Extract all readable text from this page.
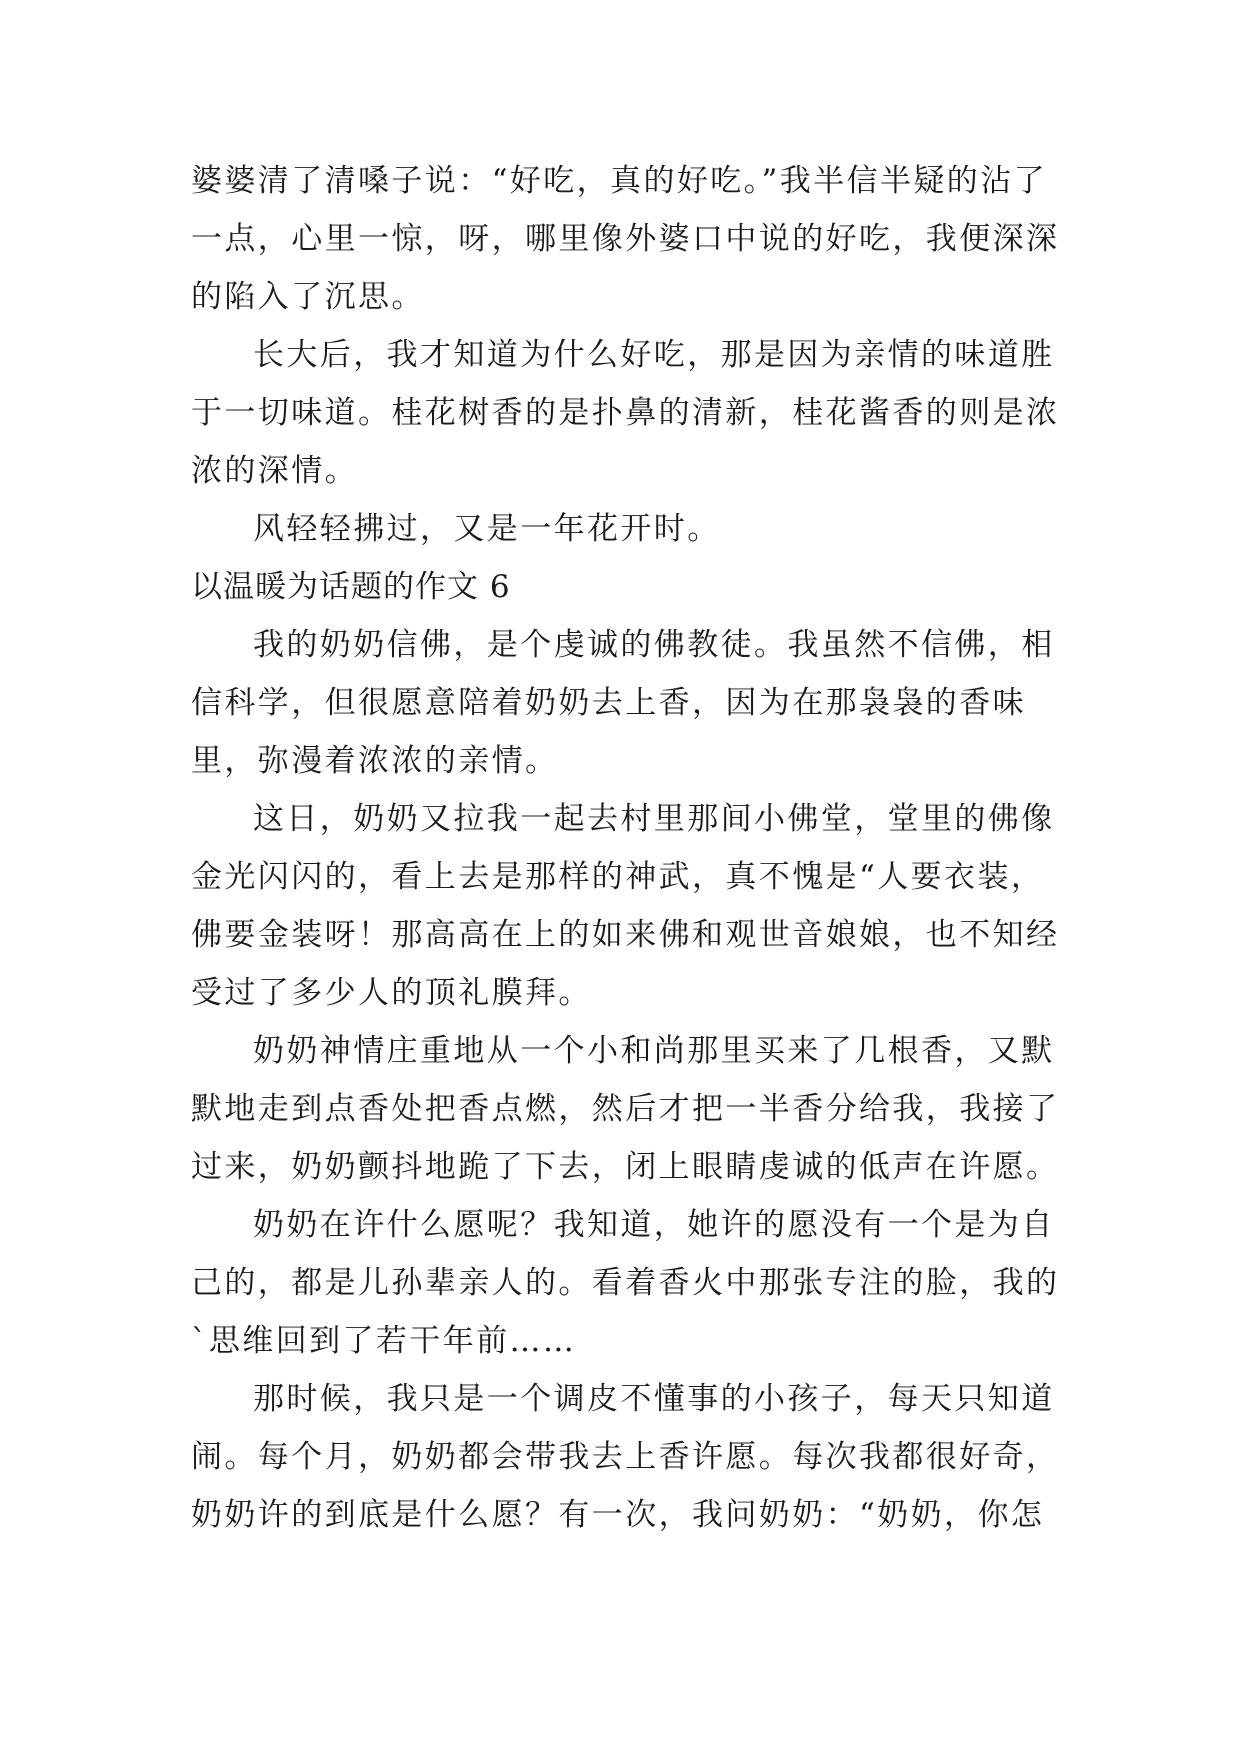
婆婆清了清嗓子说：“好吃，真的好吃。”我半信半疑的沾了一点，心里一惊，呀，哪里像外婆口中说的好吃，我便深深的陷入了沉思。

长大后，我才知道为什么好吃，那是因为亲情的味道胜于一切味道。桂花树香的是扑鼻的清新，桂花酱香的则是浓浓的深情。

风轻轻拂过，又是一年花开时。

以温暖为话题的作文 6

我的奶奶信佛，是个虔诚的佛教徒。我虽然不信佛，相信科学，但很愿意陪着奶奶去上香，因为在那袅袅的香味里，弥漫着浓浓的亲情。

这日，奶奶又拉我一起去村里那间小佛堂，堂里的佛像金光闪闪的，看上去是那样的神武，真不愧是“人要衣装，佛要金装呀！那高高在上的如来佛和观世音娘娘，也不知经受过了多少人的顶礼膜拜。

奶奶神情庄重地从一个小和尚那里买来了几根香，又默默地走到点香处把香点燃，然后才把一半香分给我，我接了过来，奶奶颤抖地跪了下去，闭上眼睛虔诚的低声在许愿。

奶奶在许什么愿呢？我知道，她许的愿没有一个是为自己的，都是儿孙辈亲人的。看着香火中那张专注的脸，我的`思维回到了若干年前……

那时候，我只是一个调皮不懂事的小孩子，每天只知道闹。每个月，奶奶都会带我去上香许愿。每次我都很好奇，奶奶许的到底是什么愿？有一次，我问奶奶：“奶奶，你怎
